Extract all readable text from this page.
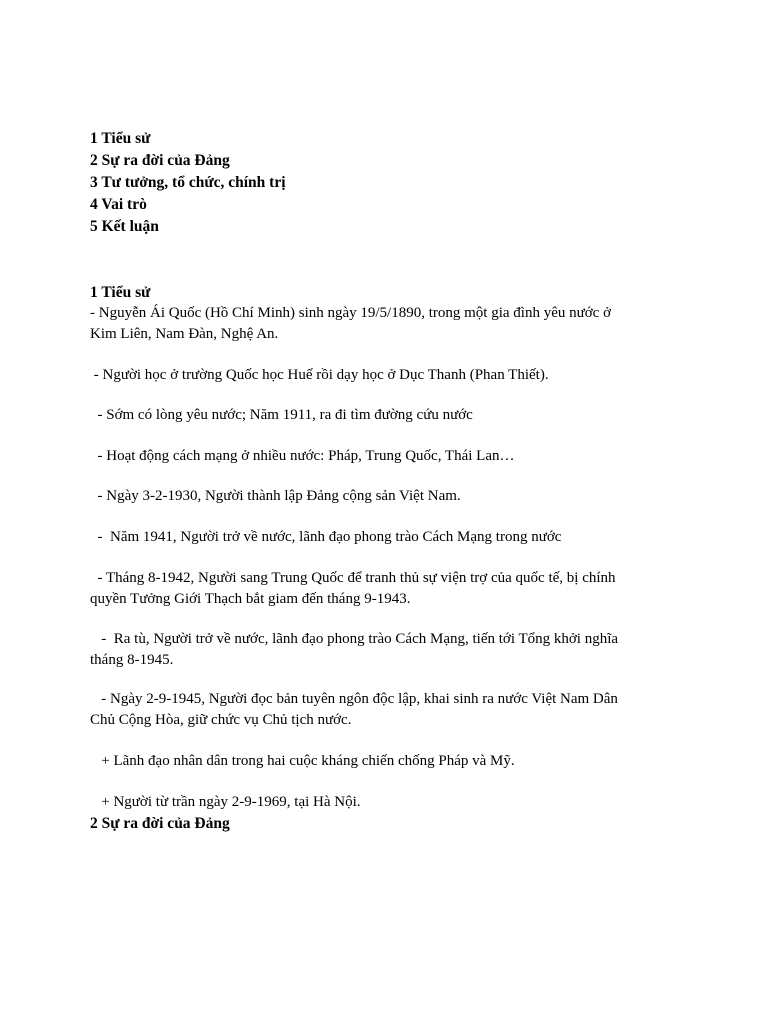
1 Tiểu sử
2 Sự ra đời của Đảng
3 Tư tưởng, tổ chức, chính trị
4 Vai trò
5 Kết luận
1 Tiểu sử
- Nguyễn Ái Quốc (Hồ Chí Minh) sinh ngày 19/5/1890, trong một gia đình yêu nước ở
Kim Liên, Nam Đàn, Nghệ An.
- Người học ở trường Quốc học Huế rồi dạy học ở Dục Thanh (Phan Thiết).
- Sớm có lòng yêu nước; Năm 1911, ra đi tìm đường cứu nước
- Hoạt động cách mạng ở nhiều nước: Pháp, Trung Quốc, Thái Lan…
- Ngày 3-2-1930, Người thành lập Đảng cộng sản Việt Nam.
-  Năm 1941, Người trở về nước, lãnh đạo phong trào Cách Mạng trong nước
- Tháng 8-1942, Người sang Trung Quốc để tranh thủ sự viện trợ của quốc tế, bị chính
quyền Tưởng Giới Thạch bắt giam đến tháng 9-1943.
-  Ra tù, Người trở về nước, lãnh đạo phong trào Cách Mạng, tiến tới Tổng khởi nghĩa
tháng 8-1945.
- Ngày 2-9-1945, Người đọc bản tuyên ngôn độc lập, khai sinh ra nước Việt Nam Dân
Chủ Cộng Hòa, giữ chức vụ Chủ tịch nước.
+ Lãnh đạo nhân dân trong hai cuộc kháng chiến chống Pháp và Mỹ.
+ Người từ trần ngày 2-9-1969, tại Hà Nội.
2 Sự ra đời của Đảng
